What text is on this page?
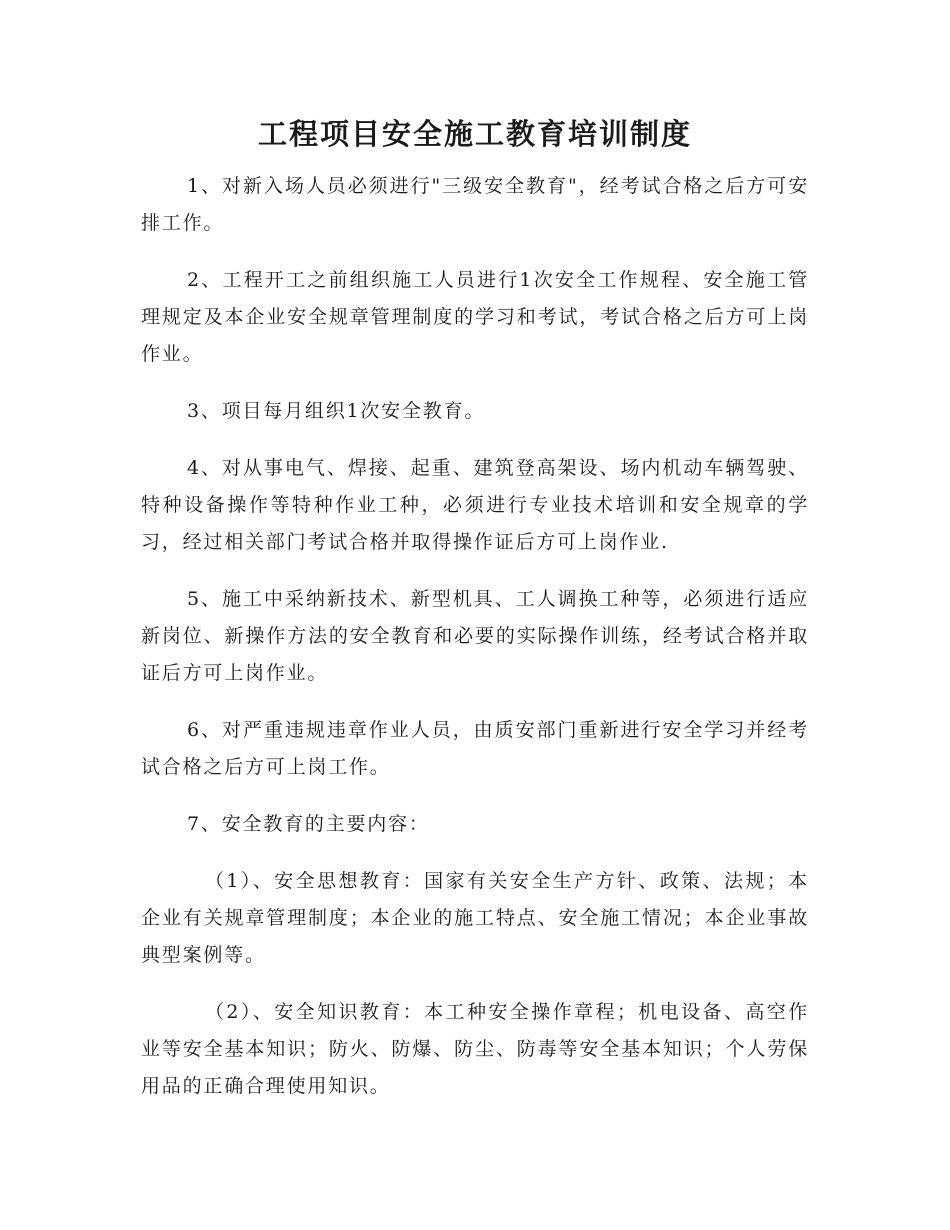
工程项目安全施工教育培训制度

1、对新入场人员必须进行"三级安全教育"，经考试合格之后方可安排工作。

2、工程开工之前组织施工人员进行1次安全工作规程、安全施工管理规定及本企业安全规章管理制度的学习和考试，考试合格之后方可上岗作业。

3、项目每月组织1次安全教育。

4、对从事电气、焊接、起重、建筑登高架设、场内机动车辆驾驶、特种设备操作等特种作业工种，必须进行专业技术培训和安全规章的学习，经过相关部门考试合格并取得操作证后方可上岗作业.

5、施工中采纳新技术、新型机具、工人调换工种等，必须进行适应新岗位、新操作方法的安全教育和必要的实际操作训练，经考试合格并取证后方可上岗作业。

6、对严重违规违章作业人员，由质安部门重新进行安全学习并经考试合格之后方可上岗工作。

7、安全教育的主要内容：

（1）、安全思想教育：国家有关安全生产方针、政策、法规；本企业有关规章管理制度；本企业的施工特点、安全施工情况；本企业事故典型案例等。

（2）、安全知识教育：本工种安全操作章程；机电设备、高空作业等安全基本知识；防火、防爆、防尘、防毒等安全基本知识；个人劳保用品的正确合理使用知识。
